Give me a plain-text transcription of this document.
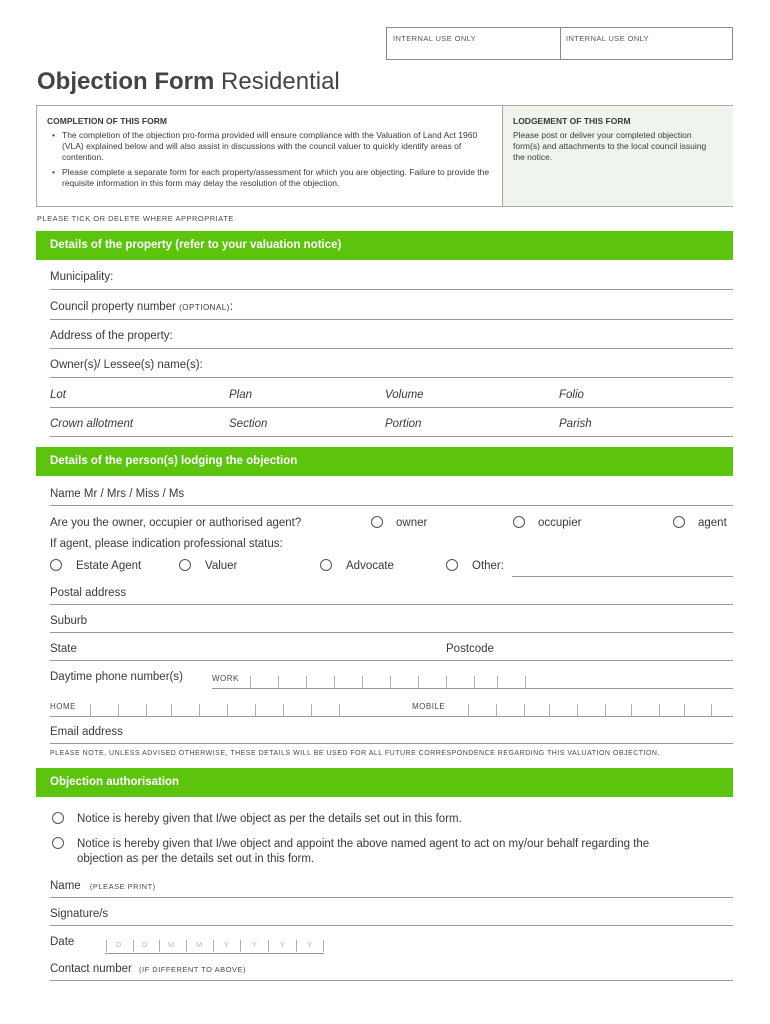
INTERNAL USE ONLY	INTERNAL USE ONLY
Objection Form Residential
COMPLETION OF THIS FORM
• The completion of the objection pro-forma provided will ensure compliance with the Valuation of Land Act 1960 (VLA) explained below and will also assist in discussions with the council valuer to quickly identify areas of contention.
• Please complete a separate form for each property/assessment for which you are objecting. Failure to provide the requisite information in this form may delay the resolution of the objection.
LODGEMENT OF THIS FORM
Please post or deliver your completed objection form(s) and attachments to the local council issuing the notice.
PLEASE TICK OR DELETE WHERE APPROPRIATE
Details of the property (refer to your valuation notice)
Municipality:
Council property number (OPTIONAL):
Address of the property:
Owner(s)/ Lessee(s) name(s):
Lot	Plan	Volume	Folio
Crown allotment	Section	Portion	Parish
Details of the person(s) lodging the objection
Name Mr / Mrs / Miss / Ms
Are you the owner, occupier or authorised agent?	owner	occupier	agent
If agent, please indication professional status:
Estate Agent	Valuer	Advocate	Other:
Postal address
Suburb
State	Postcode
Daytime phone number(s)	WORK
HOME	MOBILE
Email address
PLEASE NOTE, UNLESS ADVISED OTHERWISE, THESE DETAILS WILL BE USED FOR ALL FUTURE CORRESPONDENCE REGARDING THIS VALUATION OBJECTION.
Objection authorisation
Notice is hereby given that I/we object as per the details set out in this form.
Notice is hereby given that I/we object and appoint the above named agent to act on my/our behalf regarding the
objection as per the details set out in this form.
Name (PLEASE PRINT)
Signature/s
Date	D	D	M	M	Y	Y	Y	Y
Contact number (IF DIFFERENT TO ABOVE)
